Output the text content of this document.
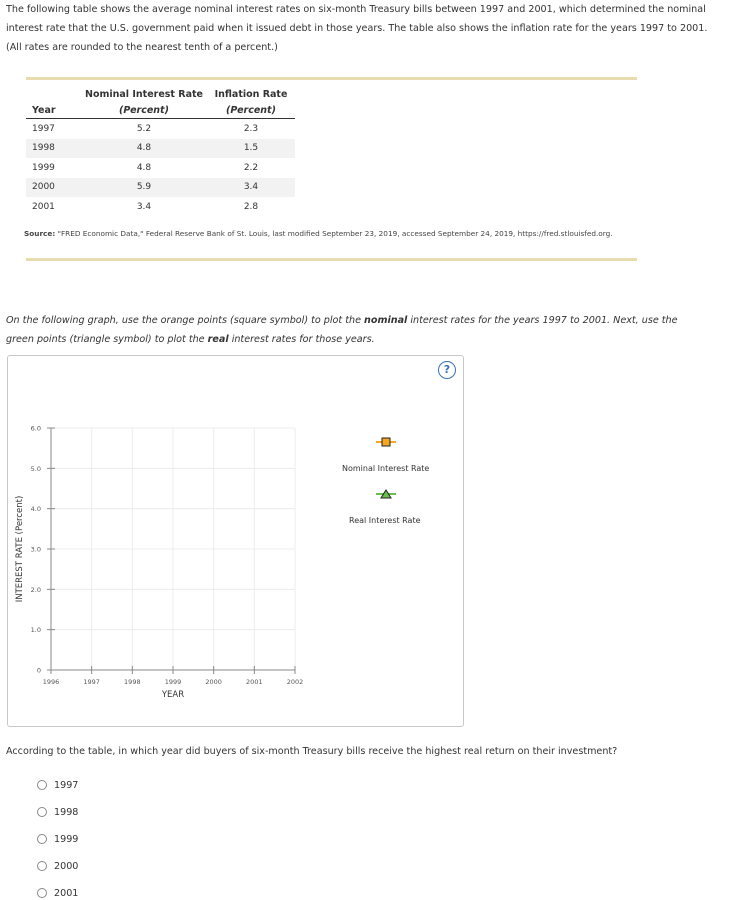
The following table shows the average nominal interest rates on six-month Treasury bills between 1997 and 2001, which determined the nominal interest rate that the U.S. government paid when it issued debt in those years. The table also shows the inflation rate for the years 1997 to 2001. (All rates are rounded to the nearest tenth of a percent.)
	Nominal Interest Rate	Inflation Rate
Year	(Percent)	(Percent)
1997	5.2	2.3
1998	4.8	1.5
1999	4.8	2.2
2000	5.9	3.4
2001	3.4	2.8
Source: "FRED Economic Data," Federal Reserve Bank of St. Louis, last modified September 23, 2019, accessed September 24, 2019, https://fred.stlouisfed.org.
On the following graph, use the orange points (square symbol) to plot the nominal interest rates for the years 1997 to 2001. Next, use the green points (triangle symbol) to plot the real interest rates for those years.
0
1.0
2.0
3.0
4.0
5.0
6.0
1996	1997	1998	1999	2000	2001	2002
YEAR
INTEREST RATE (Percent)
?
Nominal Interest Rate
Real Interest Rate
According to the table, in which year did buyers of six-month Treasury bills receive the highest real return on their investment?
1997
1998
1999
2000
2001
